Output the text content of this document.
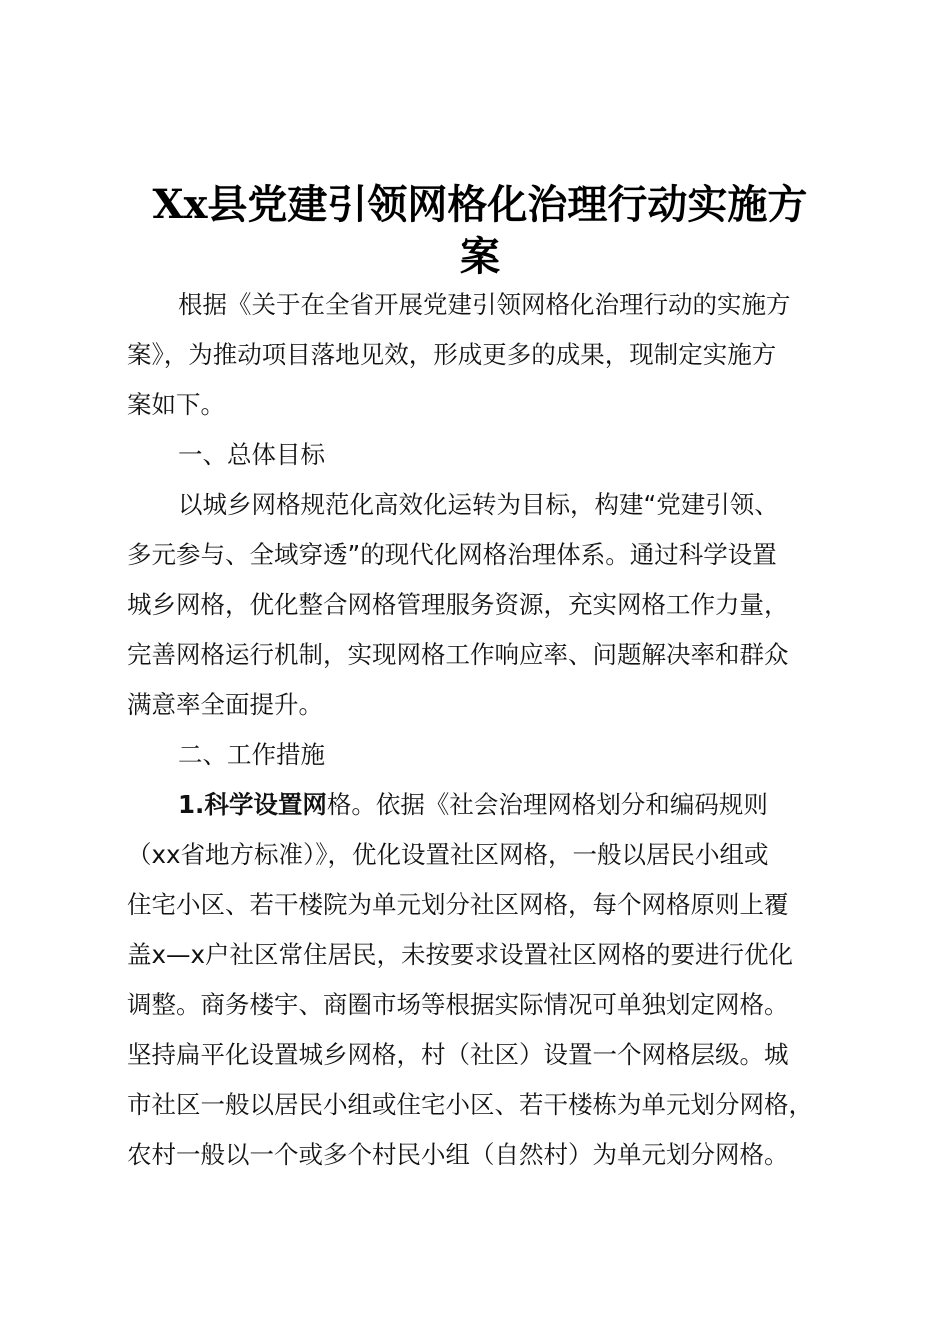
Xx县党建引领网格化治理行动实施方
案

根据《关于在全省开展党建引领网格化治理行动的实施方

案》，为推动项目落地见效，形成更多的成果，现制定实施方

案如下。

一、总体目标

以城乡网格规范化高效化运转为目标，构建“党建引领、

多元参与、全域穿透”的现代化网格治理体系。通过科学设置

城乡网格，优化整合网格管理服务资源，充实网格工作力量，

完善网格运行机制，实现网格工作响应率、问题解决率和群众

满意率全面提升。

二、工作措施

1.科学设置网格。依据《社会治理网格划分和编码规则

（xx省地方标准）》，优化设置社区网格，一般以居民小组或

住宅小区、若干楼院为单元划分社区网格，每个网格原则上覆

盖x—x户社区常住居民，未按要求设置社区网格的要进行优化

调整。商务楼宇、商圈市场等根据实际情况可单独划定网格。

坚持扁平化设置城乡网格，村（社区）设置一个网格层级。城

市社区一般以居民小组或住宅小区、若干楼栋为单元划分网格，

农村一般以一个或多个村民小组（自然村）为单元划分网格。
